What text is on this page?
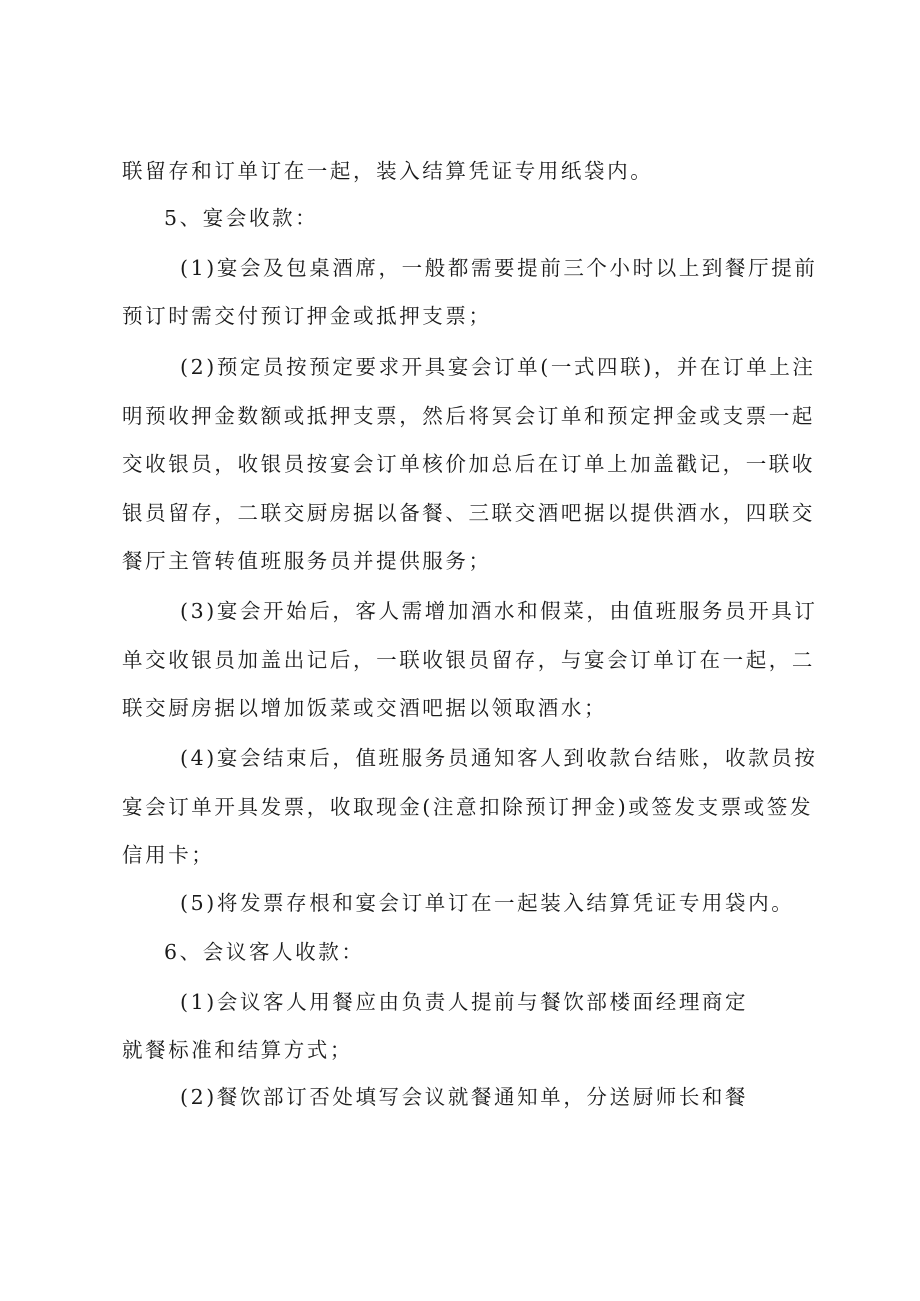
联留存和订单订在一起，装入结算凭证专用纸袋内。
5、宴会收款：
(1)宴会及包桌酒席，一般都需要提前三个小时以上到餐厅提前
预订时需交付预订押金或抵押支票；
(2)预定员按预定要求开具宴会订单(一式四联)，并在订单上注
明预收押金数额或抵押支票，然后将冥会订单和预定押金或支票一起
交收银员，收银员按宴会订单核价加总后在订单上加盖戳记，一联收
银员留存，二联交厨房据以备餐、三联交酒吧据以提供酒水，四联交
餐厅主管转值班服务员并提供服务；
(3)宴会开始后，客人需增加酒水和假菜，由值班服务员开具订
单交收银员加盖出记后，一联收银员留存，与宴会订单订在一起，二
联交厨房据以增加饭菜或交酒吧据以领取酒水；
(4)宴会结束后，值班服务员通知客人到收款台结账，收款员按
宴会订单开具发票，收取现金(注意扣除预订押金)或签发支票或签发
信用卡；
(5)将发票存根和宴会订单订在一起装入结算凭证专用袋内。
6、会议客人收款：
(1)会议客人用餐应由负责人提前与餐饮部楼面经理商定
就餐标准和结算方式；
(2)餐饮部订否处填写会议就餐通知单，分送厨师长和餐
